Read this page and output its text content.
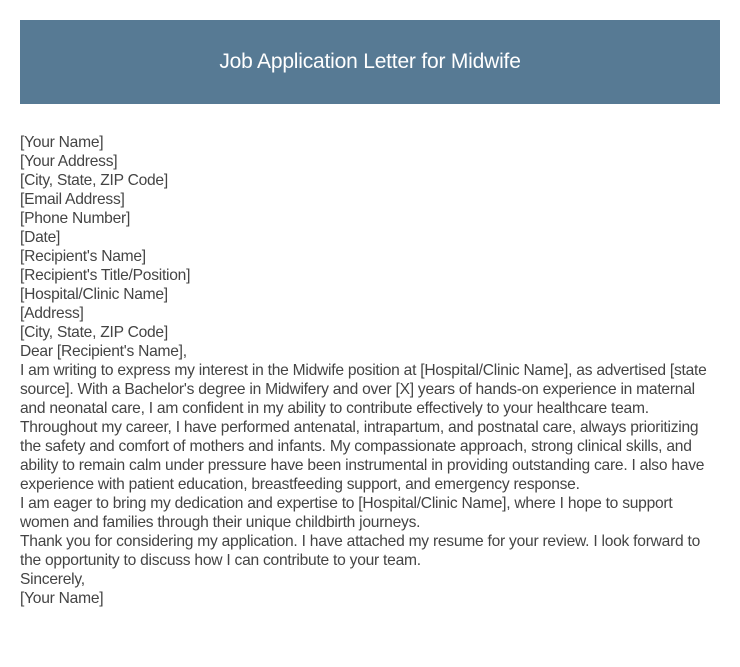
Job Application Letter for Midwife
[Your Name]
[Your Address]
[City, State, ZIP Code]
[Email Address]
[Phone Number]
[Date]
[Recipient's Name]
[Recipient's Title/Position]
[Hospital/Clinic Name]
[Address]
[City, State, ZIP Code]
Dear [Recipient's Name],

I am writing to express my interest in the Midwife position at [Hospital/Clinic Name], as advertised [state source]. With a Bachelor's degree in Midwifery and over [X] years of hands-on experience in maternal and neonatal care, I am confident in my ability to contribute effectively to your healthcare team.

Throughout my career, I have performed antenatal, intrapartum, and postnatal care, always prioritizing the safety and comfort of mothers and infants. My compassionate approach, strong clinical skills, and ability to remain calm under pressure have been instrumental in providing outstanding care. I also have experience with patient education, breastfeeding support, and emergency response.

I am eager to bring my dedication and expertise to [Hospital/Clinic Name], where I hope to support women and families through their unique childbirth journeys.

Thank you for considering my application. I have attached my resume for your review. I look forward to the opportunity to discuss how I can contribute to your team.

Sincerely,
[Your Name]
